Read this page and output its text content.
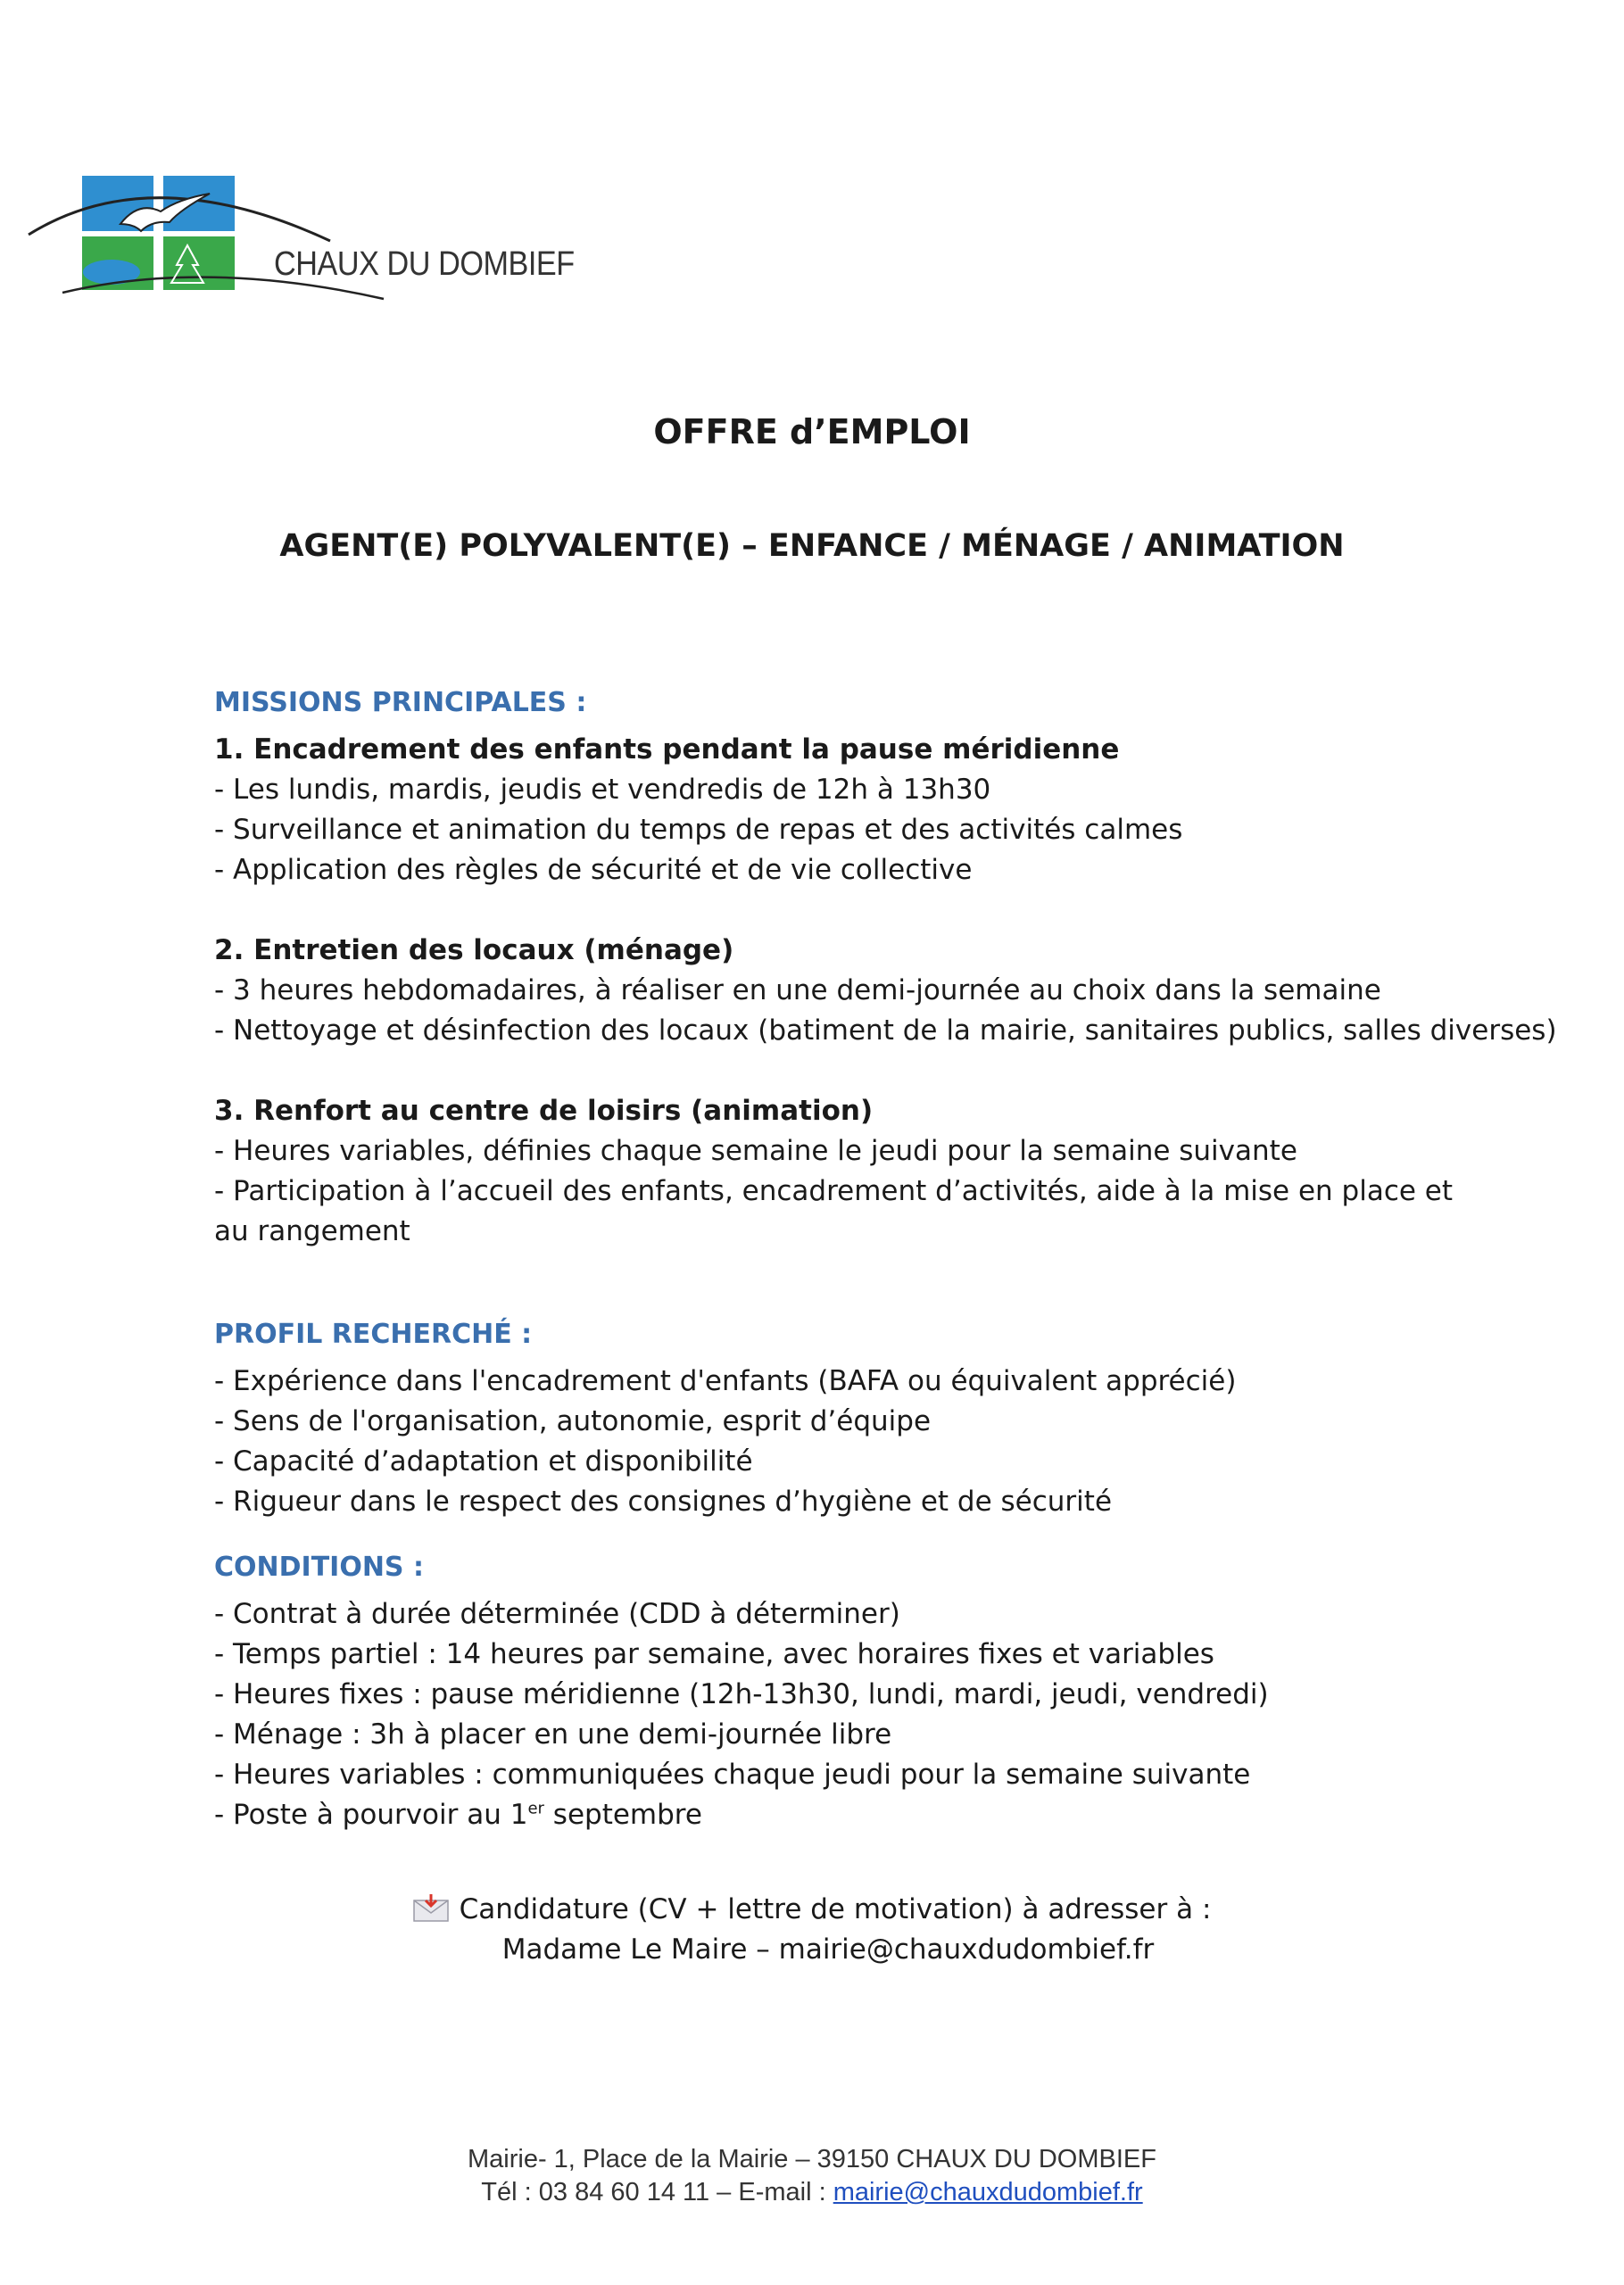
CHAUX DU DOMBIEF
OFFRE d’EMPLOI
AGENT(E) POLYVALENT(E) – ENFANCE / MÉNAGE / ANIMATION

MISSIONS PRINCIPALES :

1. Encadrement des enfants pendant la pause méridienne

- Les lundis, mardis, jeudis et vendredis de 12h à 13h30

- Surveillance et animation du temps de repas et des activités calmes

- Application des règles de sécurité et de vie collective

2. Entretien des locaux (ménage)

- 3 heures hebdomadaires, à réaliser en une demi-journée au choix dans la semaine

- Nettoyage et désinfection des locaux (batiment de la mairie, sanitaires publics, salles diverses)

3. Renfort au centre de loisirs (animation)

- Heures variables, définies chaque semaine le jeudi pour la semaine suivante

- Participation à l’accueil des enfants, encadrement d’activités, aide à la mise en place et au rangement

PROFIL RECHERCHÉ :

- Expérience dans l'encadrement d'enfants (BAFA ou équivalent apprécié)

- Sens de l'organisation, autonomie, esprit d’équipe

- Capacité d’adaptation et disponibilité

- Rigueur dans le respect des consignes d’hygiène et de sécurité

CONDITIONS :

- Contrat à durée déterminée (CDD à déterminer)

- Temps partiel : 14 heures par semaine, avec horaires fixes et variables

- Heures fixes : pause méridienne (12h-13h30, lundi, mardi, jeudi, vendredi)

- Ménage : 3h à placer en une demi-journée libre

- Heures variables : communiquées chaque jeudi pour la semaine suivante

- Poste à pourvoir au 1er septembre

Candidature (CV + lettre de motivation) à adresser à :
Madame Le Maire – mairie@chauxdudombief.fr
Mairie- 1, Place de la Mairie – 39150 CHAUX DU DOMBIEF
Tél : 03 84 60 14 11 – E-mail : mairie@chauxdudombief.fr
